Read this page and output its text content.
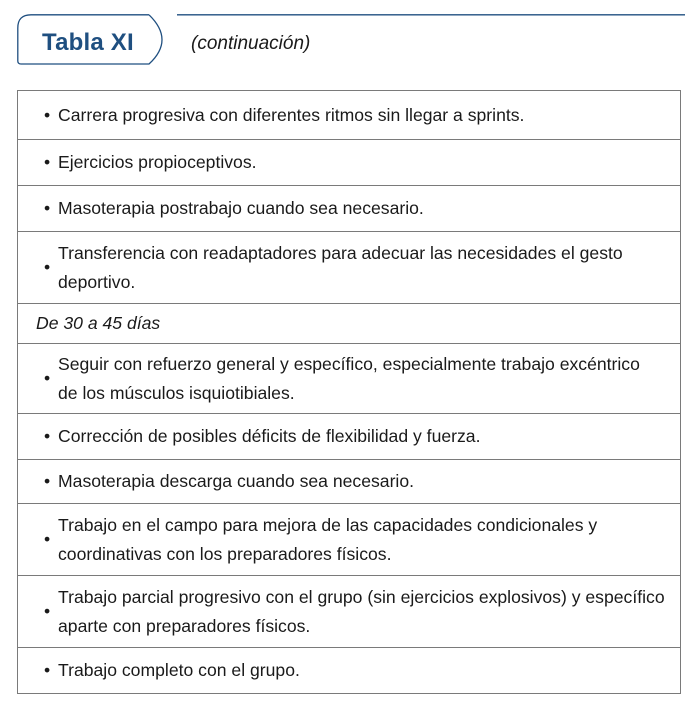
Tabla XI	(continuación)
• Carrera progresiva con diferentes ritmos sin llegar a sprints.
• Ejercicios propioceptivos.
• Masoterapia postrabajo cuando sea necesario.
•
Transferencia con readaptadores para adecuar las necesidades el gesto deportivo.
De 30 a 45 días
•
Seguir con refuerzo general y específico, especialmente trabajo excéntrico de los músculos isquiotibiales.
• Corrección de posibles déficits de flexibilidad y fuerza.
• Masoterapia descarga cuando sea necesario.
•
Trabajo en el campo para mejora de las capacidades condicionales y coordinativas con los preparadores físicos.
•
Trabajo parcial progresivo con el grupo (sin ejercicios explosivos) y específico aparte con preparadores físicos.
• Trabajo completo con el grupo.
